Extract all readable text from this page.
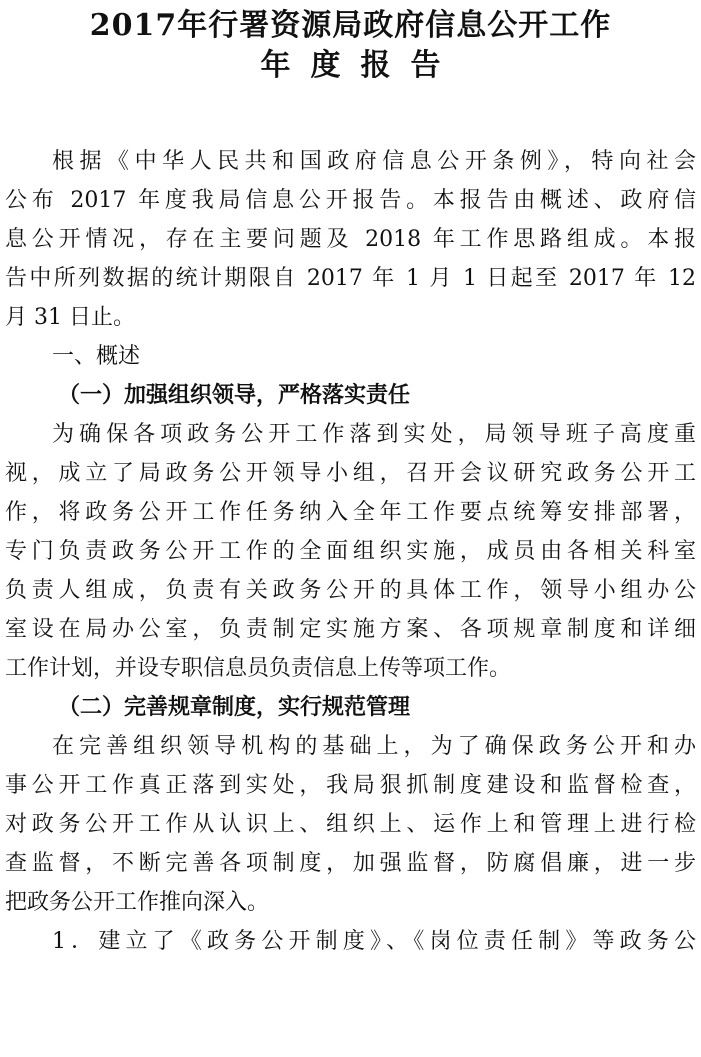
2017年行署资源局政府信息公开工作
年度报告
根据《中华人民共和国政府信息公开条例》，特向社会
公布 2017 年度我局信息公开报告。本报告由概述、政府信
息公开情况，存在主要问题及 2018 年工作思路组成。本报
告中所列数据的统计期限自 2017 年 1 月 1 日起至 2017 年 12
月 31 日止。
一、概述
（一）加强组织领导，严格落实责任
为确保各项政务公开工作落到实处，局领导班子高度重
视，成立了局政务公开领导小组，召开会议研究政务公开工
作，将政务公开工作任务纳入全年工作要点统筹安排部署，
专门负责政务公开工作的全面组织实施，成员由各相关科室
负责人组成，负责有关政务公开的具体工作，领导小组办公
室设在局办公室，负责制定实施方案、各项规章制度和详细
工作计划，并设专职信息员负责信息上传等项工作。
（二）完善规章制度，实行规范管理
在完善组织领导机构的基础上，为了确保政务公开和办
事公开工作真正落到实处，我局狠抓制度建设和监督检查，
对政务公开工作从认识上、组织上、运作上和管理上进行检
查监督，不断完善各项制度，加强监督，防腐倡廉，进一步
把政务公开工作推向深入。
1．建立了《政务公开制度》、《岗位责任制》等政务公
